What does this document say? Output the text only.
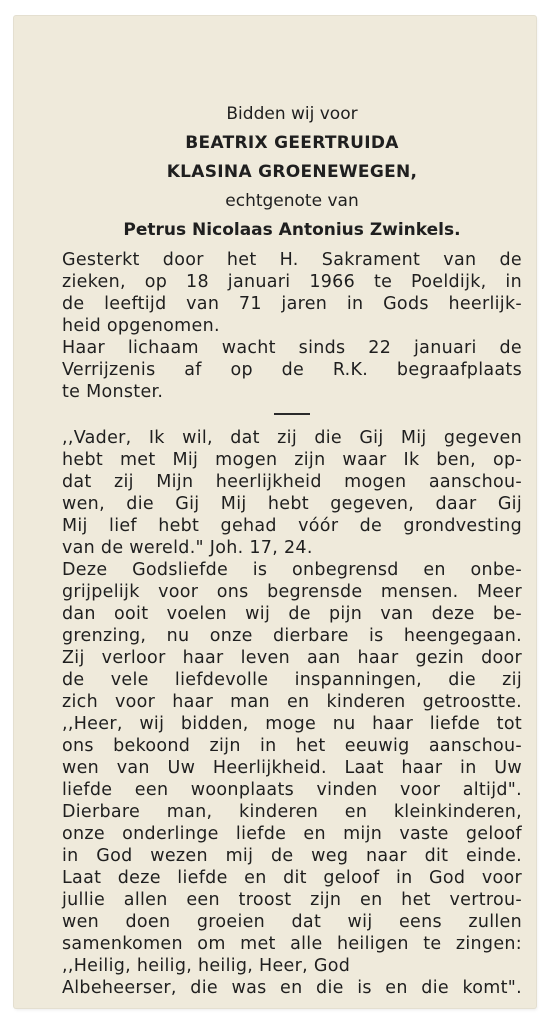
Bidden wij voor
BEATRIX GEERTRUIDA
KLASINA GROENEWEGEN,
echtgenote van
Petrus Nicolaas Antonius Zwinkels.
Gesterkt door het H. Sakrament van de
zieken, op 18 januari 1966 te Poeldijk, in
de leeftijd van 71 jaren in Gods heerlijk-
heid opgenomen.
Haar lichaam wacht sinds 22 januari de
Verrijzenis af op de R.K. begraafplaats
te Monster.
,,Vader, Ik wil, dat zij die Gij Mij gegeven
hebt met Mij mogen zijn waar Ik ben, op-
dat zij Mijn heerlijkheid mogen aanschou-
wen, die Gij Mij hebt gegeven, daar Gij
Mij lief hebt gehad vóór de grondvesting
van de wereld." Joh. 17, 24.
Deze Godsliefde is onbegrensd en onbe-
grijpelijk voor ons begrensde mensen. Meer
dan ooit voelen wij de pijn van deze be-
grenzing, nu onze dierbare is heengegaan.
Zij verloor haar leven aan haar gezin door
de vele liefdevolle inspanningen, die zij
zich voor haar man en kinderen getroostte.
,,Heer, wij bidden, moge nu haar liefde tot
ons bekoond zijn in het eeuwig aanschou-
wen van Uw Heerlijkheid. Laat haar in Uw
liefde een woonplaats vinden voor altijd".
Dierbare man, kinderen en kleinkinderen,
onze onderlinge liefde en mijn vaste geloof
in God wezen mij de weg naar dit einde.
Laat deze liefde en dit geloof in God voor
jullie allen een troost zijn en het vertrou-
wen doen groeien dat wij eens zullen
samenkomen om met alle heiligen te zingen:
,,Heilig, heilig, heilig, Heer, God
Albeheerser, die was en die is en die komt".
